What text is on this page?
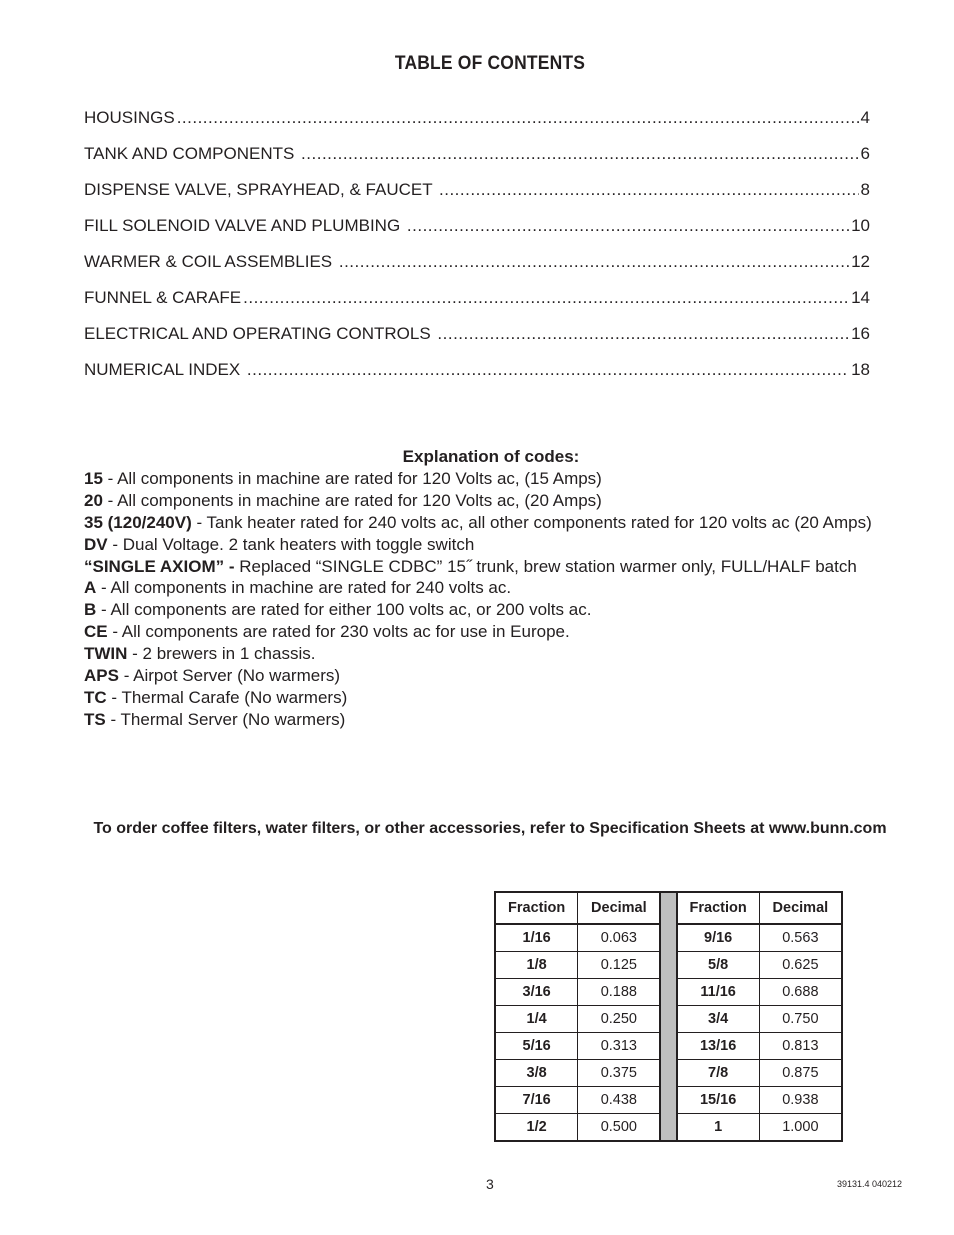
TABLE OF CONTENTS
HOUSINGS .....	4
TANK AND COMPONENTS .....	6
DISPENSE VALVE, SPRAYHEAD, & FAUCET .....	8
FILL SOLENOID VALVE AND PLUMBING .....	10
WARMER & COIL ASSEMBLIES .....	12
FUNNEL & CARAFE .....	14
ELECTRICAL AND OPERATING CONTROLS .....	16
NUMERICAL INDEX .....	18
Explanation of codes:
15 - All components in machine are rated for 120 Volts ac, (15 Amps)
20 - All components in machine are rated for 120 Volts ac, (20 Amps)
35 (120/240V) - Tank heater rated for 240 volts ac, all other components rated for 120 volts ac (20 Amps)
DV - Dual Voltage. 2 tank heaters with toggle switch
“SINGLE AXIOM” - Replaced “SINGLE CDBC” 15˝ trunk, brew station warmer only, FULL/HALF batch
A - All components in machine are rated for 240 volts ac.
B - All components are rated for either 100 volts ac, or 200 volts ac.
CE - All components are rated for 230 volts ac for use in Europe.
TWIN - 2 brewers in 1 chassis.
APS - Airpot Server (No warmers)
TC - Thermal Carafe (No warmers)
TS - Thermal Server (No warmers)
To order coffee filters, water filters, or other accessories, refer to Specification Sheets at www.bunn.com
Fraction	Decimal		Fraction	Decimal
1/16	0.063		9/16	0.563
1/8	0.125		5/8	0.625
3/16	0.188		11/16	0.688
1/4	0.250		3/4	0.750
5/16	0.313		13/16	0.813
3/8	0.375		7/8	0.875
7/16	0.438		15/16	0.938
1/2	0.500		1	1.000
3	39131.4 040212
